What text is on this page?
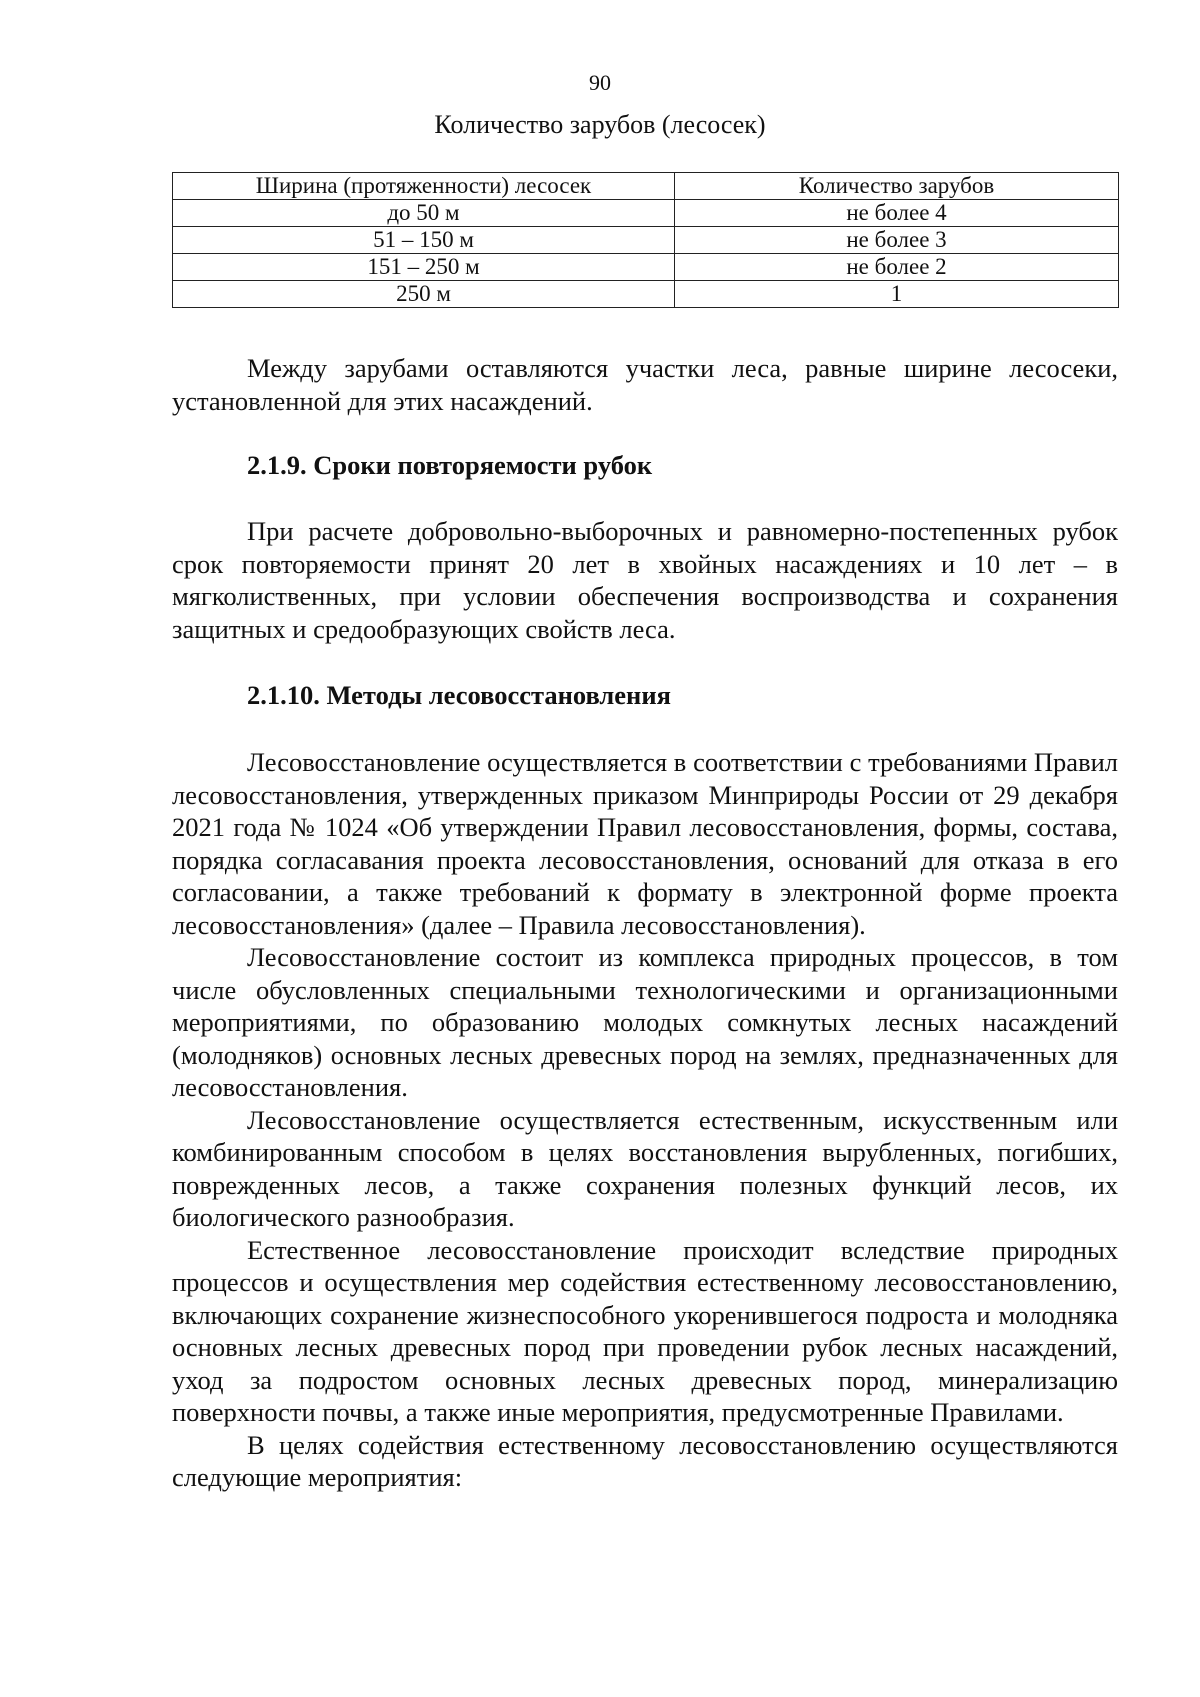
90
Количество зарубов (лесосек)
Ширина (протяженности) лесосек	Количество зарубов
до 50 м	не более 4
51 – 150 м	не более 3
151 – 250 м	не более 2
250 м	1

Между зарубами оставляются участки леса, равные ширине лесосеки, установленной для этих насаждений.

2.1.9. Сроки повторяемости рубок

При расчете добровольно-выборочных и равномерно-постепенных рубок срок повторяемости принят 20 лет в хвойных насаждениях и 10 лет – в мягколиственных, при условии обеспечения воспроизводства и сохранения защитных и средообразующих свойств леса.

2.1.10. Методы лесовосстановления

Лесовосстановление осуществляется в соответствии с требованиями Правил лесовосстановления, утвержденных приказом Минприроды России от 29 декабря 2021 года № 1024 «Об утверждении Правил лесовосстановления, формы, состава, порядка согласавания проекта лесовосстановления, оснований для отказа в его согласовании, а также требований к формату в электронной форме проекта лесовосстановления» (далее – Правила лесовосстановления).

Лесовосстановление состоит из комплекса природных процессов, в том числе обусловленных специальными технологическими и организационными мероприятиями, по образованию молодых сомкнутых лесных насаждений (молодняков) основных лесных древесных пород на землях, предназначенных для лесовосстановления.

Лесовосстановление осуществляется естественным, искусственным или комбинированным способом в целях восстановления вырубленных, погибших, поврежденных лесов, а также сохранения полезных функций лесов, их биологического разнообразия.

Естественное лесовосстановление происходит вследствие природных процессов и осуществления мер содействия естественному лесовосстановлению, включающих сохранение жизнеспособного укоренившегося подроста и молодняка основных лесных древесных пород при проведении рубок лесных насаждений, уход за подростом основных лесных древесных пород, минерализацию поверхности почвы, а также иные мероприятия, предусмотренные Правилами.

В целях содействия естественному лесовосстановлению осуществляются следующие мероприятия:
